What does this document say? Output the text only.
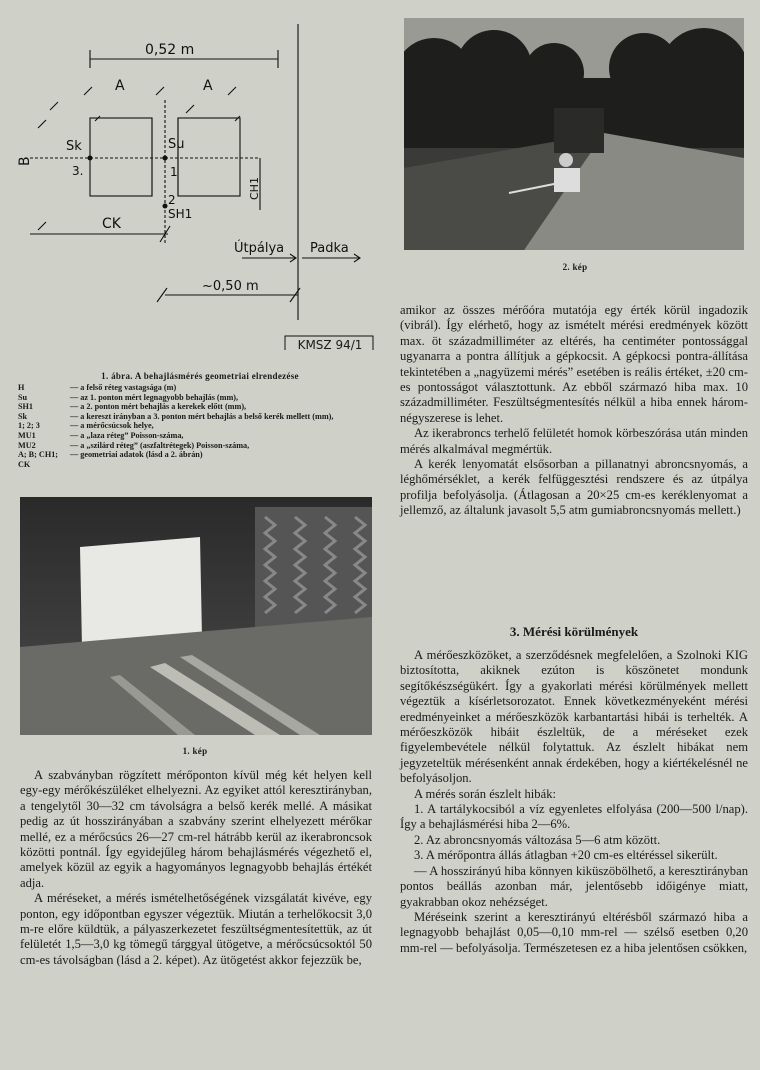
0,52 m
A	A
B
Sk
3.
Su
1
2
SH1
CH1
CK
Útpálya Padka
~0,50 m
KMSZ 94/1
1. ábra. A behajlásmérés geometriai elrendezése
H	— a felső réteg vastagsága (m)
Su	— az 1. ponton mért legnagyobb behajlás (mm),
SH1	— a 2. ponton mért behajlás a kerekek előtt (mm),
Sk	— a kereszt irányban a 3. ponton mért behajlás a belső kerék mellett (mm),
1; 2; 3	— a mérőcsúcsok helye,
MU1	— a „laza réteg” Poisson-száma,
MU2	— a „szilárd réteg” (aszfaltrétegek) Poisson-száma,
A; B; CH1; CK
— geometriai adatok (lásd a 2. ábrán)
1. kép
2. kép

A szabványban rögzített mérőponton kívül még két helyen kell egy-egy mérőkészüléket elhelyezni. Az egyiket attól keresztirányban, a tengelytől 30—32 cm távolságra a belső kerék mellé. A másikat pedig az út hosszirányában a szabvány szerint elhelyezett mérőkar mellé, ez a mérőcsúcs 26—27 cm-rel hátrább kerül az ikerabroncsok közötti pontnál. Így egyidejűleg három behajlásmérés végezhető el, amelyek közül az egyik a hagyományos legnagyobb behajlás értékét adja.

A méréseket, a mérés ismételhetőségének vizsgálatát kivéve, egy ponton, egy időpontban egyszer végeztük. Miután a terhelőkocsit 3,0 m-re előre küldtük, a pályaszerkezetet feszültségmentesítettük, az út felületét 1,5—3,0 kg tömegű tárggyal ütögetve, a mérőcsúcsoktól 50 cm-es távolságban (lásd a 2. képet). Az ütögetést akkor fejezzük be,

amikor az összes mérőóra mutatója egy érték körül ingadozik (vibrál). Így elérhető, hogy az ismételt mérési eredmények között max. öt századmilliméter az eltérés, ha centiméter pontossággal ugyanarra a pontra állítjuk a gépkocsit. A gépkocsi pontra-állítása tekintetében a „nagyüzemi mérés” esetében is reális értéket, ±20 cm-es pontosságot választottunk. Az ebből származó hiba max. 10 századmilliméter. Feszültségmentesítés nélkül a hiba ennek három-négyszerese is lehet.

Az ikerabroncs terhelő felületét homok körbeszórása után minden mérés alkalmával megmértük.

A kerék lenyomatát elsősorban a pillanatnyi abroncsnyomás, a léghőmérséklet, a kerék felfüggesztési rendszere és az útpálya profilja befolyásolja. (Átlagosan a 20×25 cm-es keréklenyomat a jellemző, az általunk javasolt 5,5 atm gumiabroncsnyomás mellett.)

3. Mérési körülmények

A mérőeszközöket, a szerződésnek megfelelően, a Szolnoki KIG biztosította, akiknek ezúton is köszönetet mondunk segítőkészségükért. Így a gyakorlati mérési körülmények mellett végeztük a kísérletsorozatot. Ennek következményeként mérési eredményeinket a mérőeszközök karbantartási hibái is terhelték. A mérőeszközök hibáit észleltük, de a méréseket ezek figyelembevétele nélkül folytattuk. Az észlelt hibákat nem jegyzeteltük mérésenként annak érdekében, hogy a kiértékelésnél ne befolyásoljon.

A mérés során észlelt hibák:

1. A tartálykocsiból a víz egyenletes elfolyása (200—500 l/nap). Így a behajlásmérési hiba 2—6%.

2. Az abroncsnyomás változása 5—6 atm között.

3. A mérőpontra állás átlagban +20 cm-es eltéréssel sikerült.

— A hosszirányú hiba könnyen kiküszöbölhető, a keresztirányban pontos beállás azonban már, jelentősebb időigénye miatt, gyakrabban okoz nehézséget.

Méréseink szerint a keresztirányú eltérésből származó hiba a legnagyobb behajlást 0,05—0,10 mm-rel — szélső esetben 0,20 mm-rel — befolyásolja. Természetesen ez a hiba jelentősen csökken,
